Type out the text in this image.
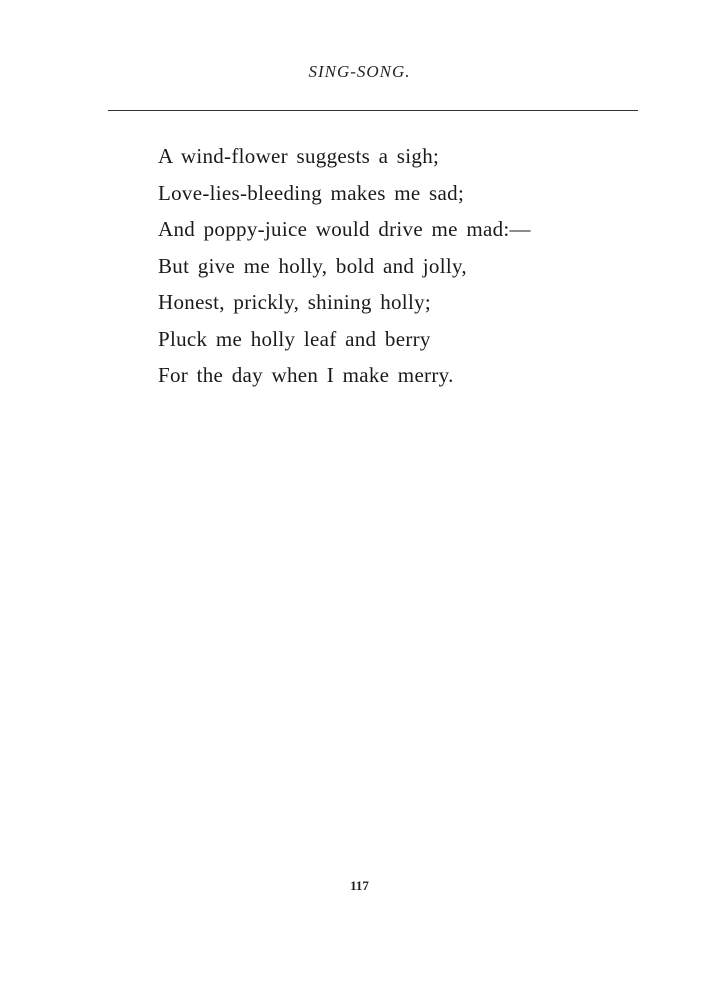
SING-SONG.
A wind-flower suggests a sigh;
Love-lies-bleeding makes me sad;
And poppy-juice would drive me mad:—
But give me holly, bold and jolly,
Honest, prickly, shining holly;
Pluck me holly leaf and berry
For the day when I make merry.
117
